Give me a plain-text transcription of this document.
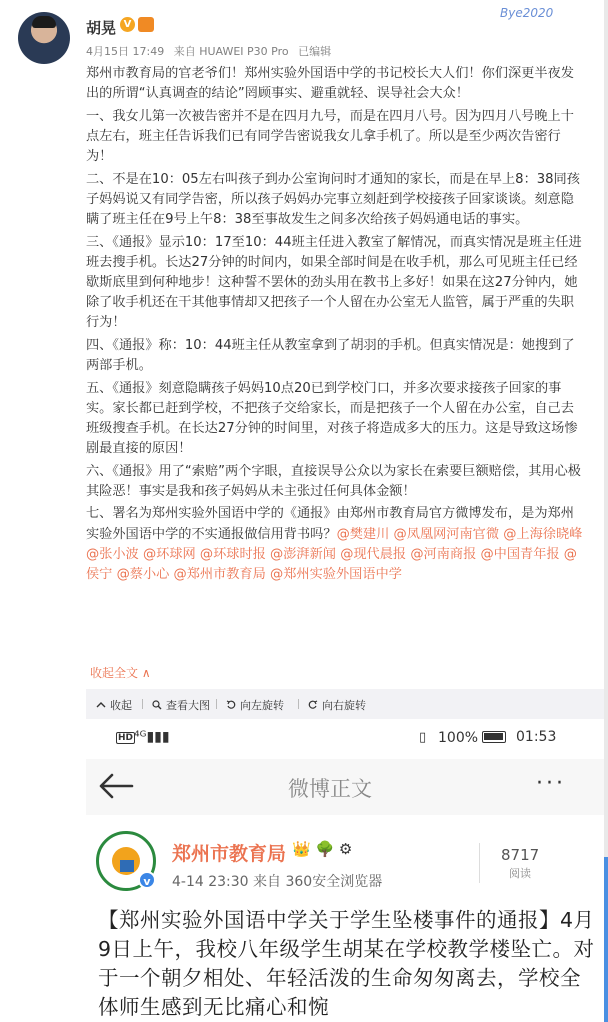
胡晃 V
Bye2020
4月15日 17:49 来自 HUAWEI P30 Pro 已编辑

郑州市教育局的官老爷们！郑州实验外国语中学的书记校长大人们！你们深更半夜发出的所谓“认真调查的结论”罔顾事实、避重就轻、误导社会大众！

一、我女儿第一次被告密并不是在四月九号，而是在四月八号。因为四月八号晚上十点左右，班主任告诉我们已有同学告密说我女儿拿手机了。所以是至少两次告密行为！

二、不是在10：05左右叫孩子到办公室询问时才通知的家长，而是在早上8：38同孩子妈妈说又有同学告密，所以孩子妈妈办完事立刻赶到学校接孩子回家谈谈。刻意隐瞒了班主任在9号上午8：38至事故发生之间多次给孩子妈妈通电话的事实。

三、《通报》显示10：17至10：44班主任进入教室了解情况，而真实情况是班主任进班去搜手机。长达27分钟的时间内，如果全部时间是在收手机，那么可见班主任已经歇斯底里到何种地步！这种誓不罢休的劲头用在教书上多好！如果在这27分钟内，她除了收手机还在干其他事情却又把孩子一个人留在办公室无人监管，属于严重的失职行为！

四、《通报》称：10：44班主任从教室拿到了胡羽的手机。但真实情况是：她搜到了两部手机。

五、《通报》刻意隐瞒孩子妈妈10点20已到学校门口，并多次要求接孩子回家的事实。家长都已赶到学校，不把孩子交给家长，而是把孩子一个人留在办公室，自己去班级搜查手机。在长达27分钟的时间里，对孩子将造成多大的压力。这是导致这场惨剧最直接的原因！

六、《通报》用了“索赔”两个字眼，直接误导公众以为家长在索要巨额赔偿，其用心极其险恶！事实是我和孩子妈妈从未主张过任何具体金额！

七、署名为郑州实验外国语中学的《通报》由郑州市教育局官方微博发布，是为郑州实验外国语中学的不实通报做信用背书吗？@樊建川 @凤凰网河南官微 @上海徐晓峰 @张小波 @环球网 @环球时报 @澎湃新闻 @现代晨报 @河南商报 @中国青年报 @侯宁 @蔡小心 @郑州市教育局 @郑州实验外国语中学

收起全文 ∧
收起	查看大图	向左旋转	向右旋转
HD ⁴ᴳ▮▮▮	▯ 100%	01:53
微博正文	···
v
郑州市教育局 👑 🌳 ⚙
4-14 23:30 来自 360安全浏览器
8717
阅读
【郑州实验外国语中学关于学生坠楼事件的通报】4月9日上午，我校八年级学生胡某在学校教学楼坠亡。对于一个朝夕相处、年轻活泼的生命匆匆离去，学校全体师生感到无比痛心和惋
